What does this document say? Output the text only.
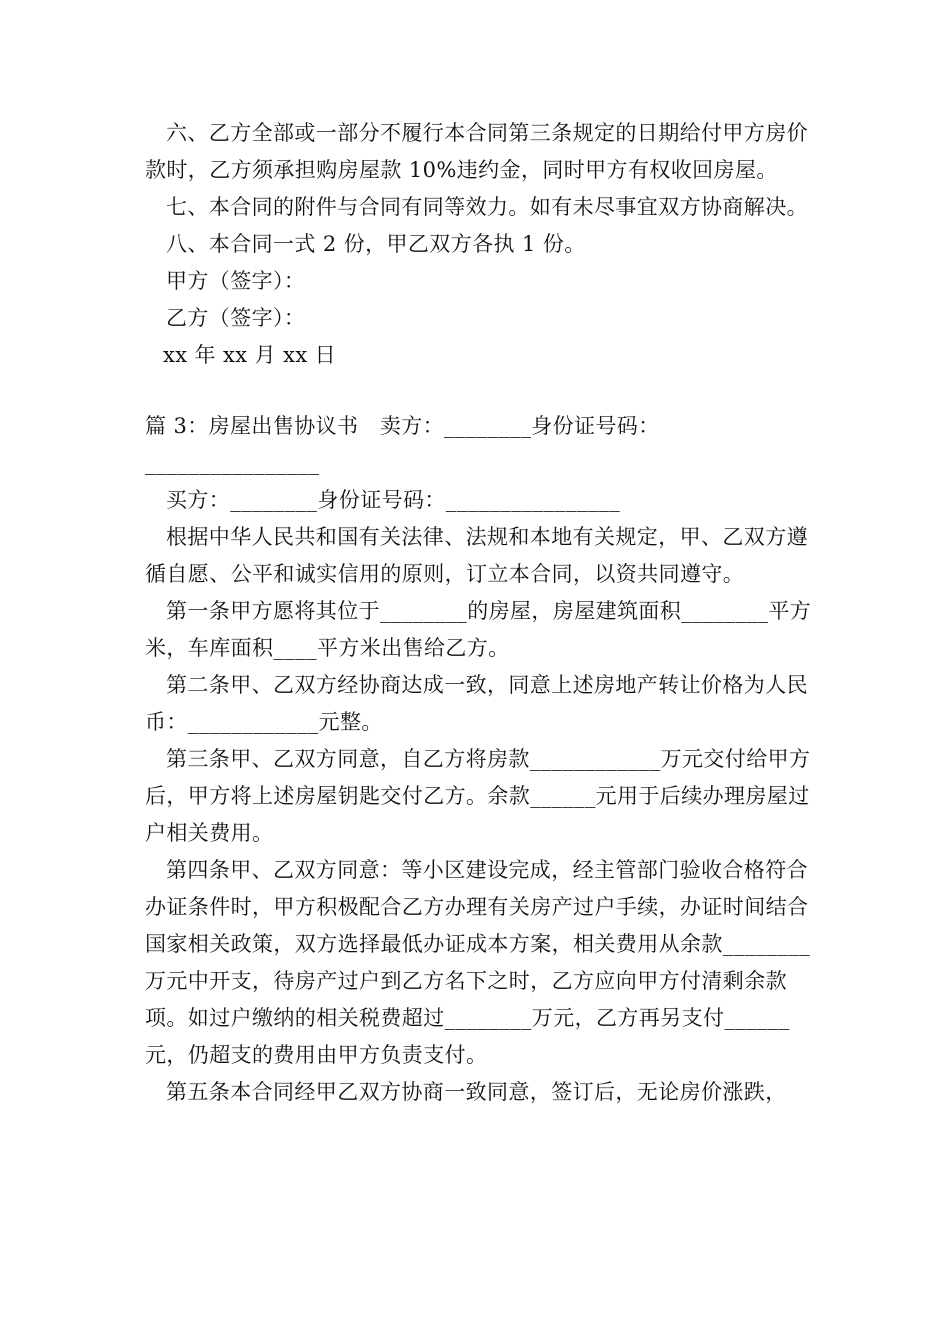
六、乙方全部或一部分不履行本合同第三条规定的日期给付甲方房价款时，乙方须承担购房屋款 10%违约金，同时甲方有权收回房屋。

七、本合同的附件与合同有同等效力。如有未尽事宜双方协商解决。

八、本合同一式 2 份，甲乙双方各执 1 份。

甲方（签字）：

乙方（签字）：

xx 年 xx 月 xx 日

篇 3：房屋出售协议书　卖方：________身份证号码：________________

买方：________身份证号码：________________

根据中华人民共和国有关法律、法规和本地有关规定，甲、乙双方遵循自愿、公平和诚实信用的原则，订立本合同，以资共同遵守。

第一条甲方愿将其位于________的房屋，房屋建筑面积________平方米，车库面积____平方米出售给乙方。

第二条甲、乙双方经协商达成一致，同意上述房地产转让价格为人民币：____________元整。

第三条甲、乙双方同意，自乙方将房款____________万元交付给甲方后，甲方将上述房屋钥匙交付乙方。余款______元用于后续办理房屋过户相关费用。

第四条甲、乙双方同意：等小区建设完成，经主管部门验收合格符合办证条件时，甲方积极配合乙方办理有关房产过户手续，办证时间结合国家相关政策，双方选择最低办证成本方案，相关费用从余款________万元中开支，待房产过户到乙方名下之时，乙方应向甲方付清剩余款项。如过户缴纳的相关税费超过________万元，乙方再另支付______元，仍超支的费用由甲方负责支付。

第五条本合同经甲乙双方协商一致同意，签订后，无论房价涨跌，
